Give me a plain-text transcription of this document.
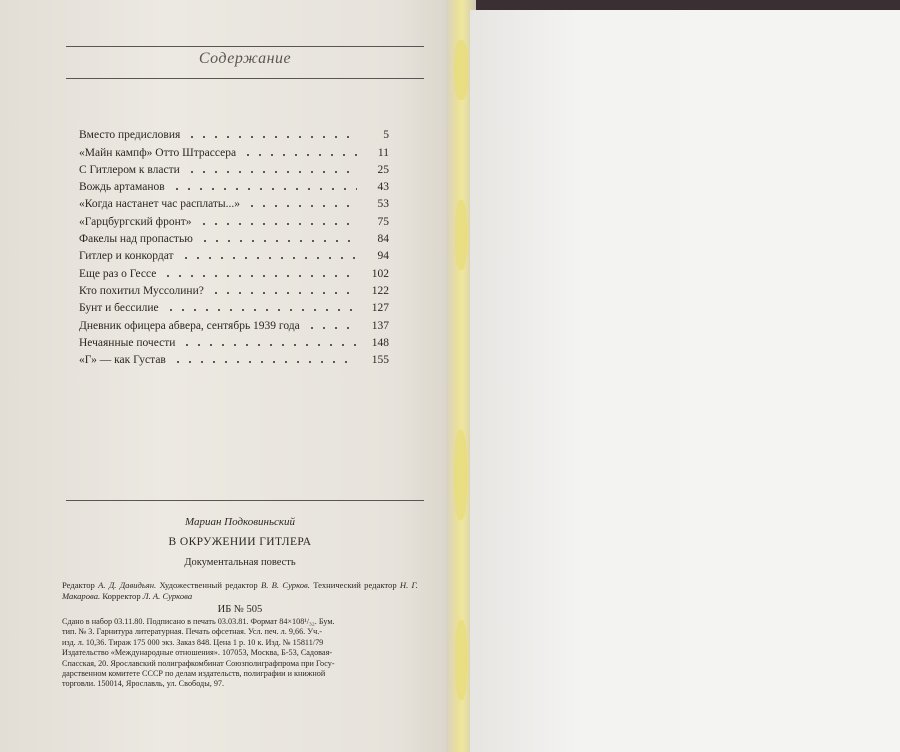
Содержание
Вместо предисловия	5
«Майн кампф» Отто Штрассера	11
С Гитлером к власти	25
Вождь артаманов	43
«Когда настанет час расплаты...»	53
«Гарцбургский фронт»	75
Факелы над пропастью	84
Гитлер и конкордат	94
Еще раз о Гессе	102
Кто похитил Муссолини?	122
Бунт и бессилие	127
Дневник офицера абвера, сентябрь 1939 года	137
Нечаянные почести	148
«Г» — как Густав	155
Мариан Подковиньский
В ОКРУЖЕНИИ ГИТЛЕРА
Документальная повесть
Редактор А. Д. Давидьян. Художественный редактор В. В. Сурков. Технический редактор Н. Г. Макарова. Корректор Л. А. Суркова
ИБ № 505
Сдано в набор 03.11.80. Подписано в печать 03.03.81. Формат 84×108¹/₃₂. Бум.
тип. № 3. Гарнитура литературная. Печать офсетная. Усл. печ. л. 9,66. Уч.-
изд. л. 10,36. Тираж 175 000 экз. Заказ 848. Цена 1 р. 10 к. Изд. № 15811/79
Издательство «Международные отношения». 107053, Москва, Б-53, Садовая-
Спасская, 20. Ярославский полиграфкомбинат Союзполиграфпрома при Госу-
дарственном комитете СССР по делам издательств, полиграфии и книжной
торговли. 150014, Ярославль, ул. Свободы, 97.
